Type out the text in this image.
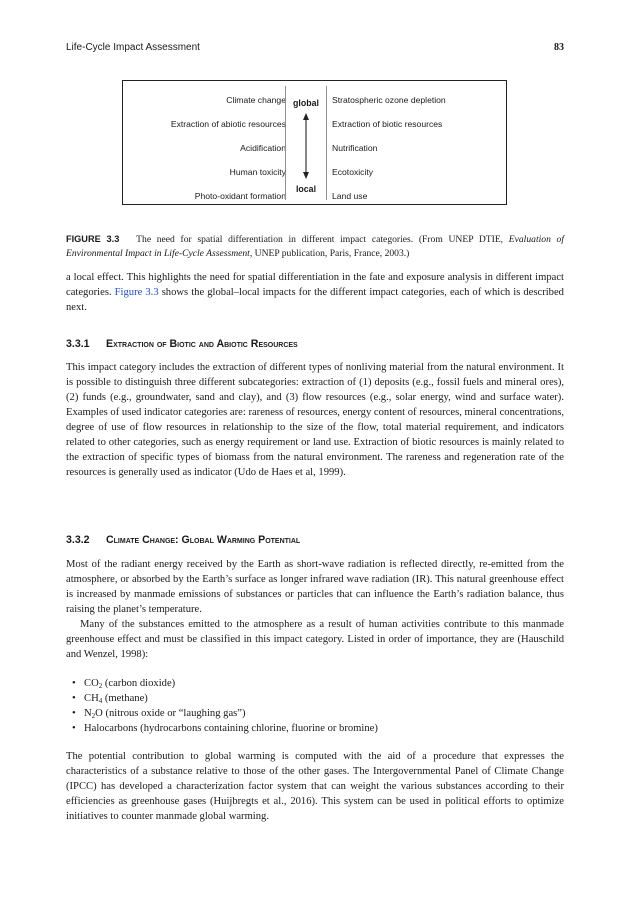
Life-Cycle Impact Assessment	83
Climate change
Extraction of abiotic resources
Acidification
Human toxicity
Photo-oxidant formation
global
local
Stratospheric ozone depletion
Extraction of biotic resources
Nutrification
Ecotoxicity
Land use

FIGURE 3.3 The need for spatial differentiation in different impact categories. (From UNEP DTIE, Evaluation of Environmental Impact in Life-Cycle Assessment, UNEP publication, Paris, France, 2003.)

a local effect. This highlights the need for spatial differentiation in the fate and exposure analysis in different impact categories. Figure 3.3 shows the global–local impacts for the different impact categories, each of which is described next.

3.3.1 Extraction of Biotic and Abiotic Resources

This impact category includes the extraction of different types of nonliving material from the natural environment. It is possible to distinguish three different subcategories: extraction of (1) deposits (e.g., fossil fuels and mineral ores), (2) funds (e.g., groundwater, sand and clay), and (3) flow resources (e.g., solar energy, wind and surface water). Examples of used indicator categories are: rareness of resources, energy content of resources, mineral concentrations, degree of use of flow resources in relationship to the size of the flow, total material requirement, and indicators related to other categories, such as energy requirement or land use. Extraction of biotic resources is mainly related to the extraction of specific types of biomass from the natural environment. The rareness and regeneration rate of the resources is generally used as indicator (Udo de Haes et al, 1999).

3.3.2 Climate Change: Global Warming Potential

Most of the radiant energy received by the Earth as short-wave radiation is reflected directly, re-emitted from the atmosphere, or absorbed by the Earth’s surface as longer infrared wave radiation (IR). This natural greenhouse effect is increased by manmade emissions of substances or particles that can influence the Earth’s radiation balance, thus raising the planet’s temperature.

Many of the substances emitted to the atmosphere as a result of human activities contribute to this manmade greenhouse effect and must be classified in this impact category. Listed in order of importance, they are (Hauschild and Wenzel, 1998):

• $CO_2$ (carbon dioxide)
• $CH_4$ (methane)
• $N_2O$ (nitrous oxide or “laughing gas”)
• Halocarbons (hydrocarbons containing chlorine, fluorine or bromine)

The potential contribution to global warming is computed with the aid of a procedure that expresses the characteristics of a substance relative to those of the other gases. The Intergovernmental Panel of Climate Change (IPCC) has developed a characterization factor system that can weight the various substances according to their efficiencies as greenhouse gases (Huijbregts et al., 2016). This system can be used in political efforts to optimize initiatives to counter manmade global warming.
